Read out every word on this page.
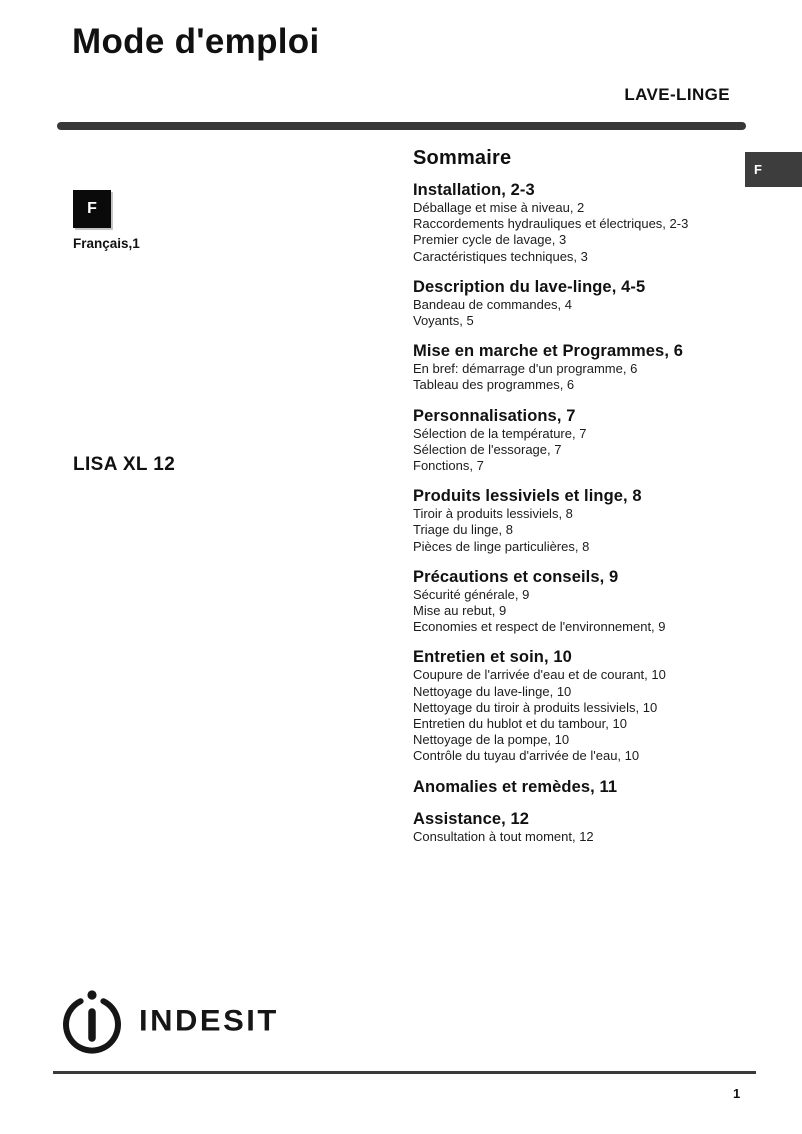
Mode d'emploi
LAVE-LINGE
F
F
Français,1
LISA XL 12
Sommaire
Installation, 2-3
Déballage et mise à niveau, 2
Raccordements hydrauliques et électriques, 2-3
Premier cycle de lavage, 3
Caractéristiques techniques, 3
Description du lave-linge, 4-5
Bandeau de commandes, 4
Voyants, 5
Mise en marche et Programmes, 6
En bref: démarrage d'un programme, 6
Tableau des programmes, 6
Personnalisations, 7
Sélection de la température, 7
Sélection de l'essorage, 7
Fonctions, 7
Produits lessiviels et linge, 8
Tiroir à produits lessiviels, 8
Triage du linge, 8
Pièces de linge particulières, 8
Précautions et conseils, 9
Sécurité générale, 9
Mise au rebut, 9
Economies et respect de l'environnement, 9
Entretien et soin, 10
Coupure de l'arrivée d'eau et de courant, 10
Nettoyage du lave-linge, 10
Nettoyage du tiroir à produits lessiviels, 10
Entretien du hublot et du tambour, 10
Nettoyage de la pompe, 10
Contrôle du tuyau d'arrivée de l'eau, 10
Anomalies et remèdes, 11
Assistance, 12
Consultation à tout moment, 12
INDESIT
1
